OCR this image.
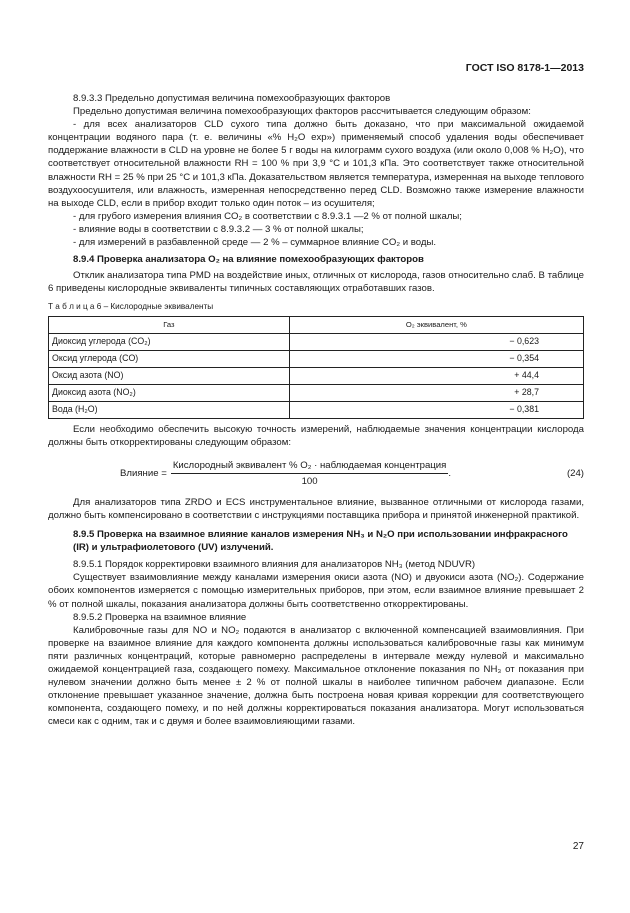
ГОСТ ISO 8178-1—2013

8.9.3.3 Предельно допустимая величина помехообразующих факторов

Предельно допустимая величина помехообразующих факторов рассчитывается следующим образом:

- для всех анализаторов CLD сухого типа должно быть доказано, что при максимальной ожидаемой концентрации водяного пара (т. е. величины «% H₂O exp») применяемый способ удаления воды обеспечивает поддержание влажности в CLD на уровне не более 5 г воды на килограмм сухого воздуха (или около 0,008 % H₂O), что соответствует относительной влажности RH = 100 % при 3,9 °С и 101,3 кПа. Это соответствует также относительной влажности RH = 25 % при 25 °С и 101,3 кПа. Доказательством является температура, измеренная на выходе теплового воздухоосушителя, или влажность, измеренная непосредственно перед CLD. Возможно также измерение влажности на выходе CLD, если в прибор входит только один поток – из осушителя;

- для грубого измерения влияния CO₂ в соответствии с 8.9.3.1 —2 % от полной шкалы;

- влияние воды в соответствии с 8.9.3.2 — 3 % от полной шкалы;

- для измерений в разбавленной среде — 2 % – суммарное влияние CO₂ и воды.

8.9.4 Проверка анализатора O₂ на влияние помехообразующих факторов

Отклик анализатора типа PMD на воздействие иных, отличных от кислорода, газов относительно слаб. В таблице 6 приведены кислородные эквиваленты типичных составляющих отработавших газов.

Т а б л и ц а 6 – Кислородные эквиваленты
Газ	O₂ эквивалент, %
Диоксид углерода (CO₂)	− 0,623
Оксид углерода (CO)	− 0,354
Оксид азота (NO)	+ 44,4
Диоксид азота (NO₂)	+ 28,7
Вода (H₂O)	− 0,381

Если необходимо обеспечить высокую точность измерений, наблюдаемые значения концентрации кислорода должны быть откорректированы следующим образом:

Влияние = $\frac{\text{Кислородный эквивалент \% O₂ · наблюдаемая концентрация}}{100}$ .	(24)

Для анализаторов типа ZRDO и ECS инструментальное влияние, вызванное отличными от кислорода газами, должно быть компенсировано в соответствии с инструкциями поставщика прибора и принятой инженерной практикой.

8.9.5 Проверка на взаимное влияние каналов измерения NH₃ и N₂O при использовании инфракрасного (IR) и ультрафиолетового (UV) излучений.

8.9.5.1 Порядок корректировки взаимного влияния для анализаторов NH₃ (метод NDUVR)

Существует взаимовлияние между каналами измерения окиси азота (NO) и двуокиси азота (NO₂). Содержание обоих компонентов измеряется с помощью измерительных приборов, при этом, если взаимное влияние превышает 2 % от полной шкалы, показания анализатора должны быть соответственно откорректированы.

8.9.5.2 Проверка на взаимное влияние

Калибровочные газы для NO и NO₂ подаются в анализатор с включенной компенсацией взаимовлияния. При проверке на взаимное влияние для каждого компонента должны использоваться калибровочные газы как минимум пяти различных концентраций, которые равномерно распределены в интервале между нулевой и максимально ожидаемой концентрацией газа, создающего помеху. Максимальное отклонение показания по NH₃ от показания при нулевом значении должно быть менее ± 2 % от полной шкалы в наиболее типичном рабочем диапазоне. Если отклонение превышает указанное значение, должна быть построена новая кривая коррекции для соответствующего компонента, создающего помеху, и по ней должны корректироваться показания анализатора. Могут использоваться смеси как с одним, так и с двумя и более взаимовлияющими газами.

27
